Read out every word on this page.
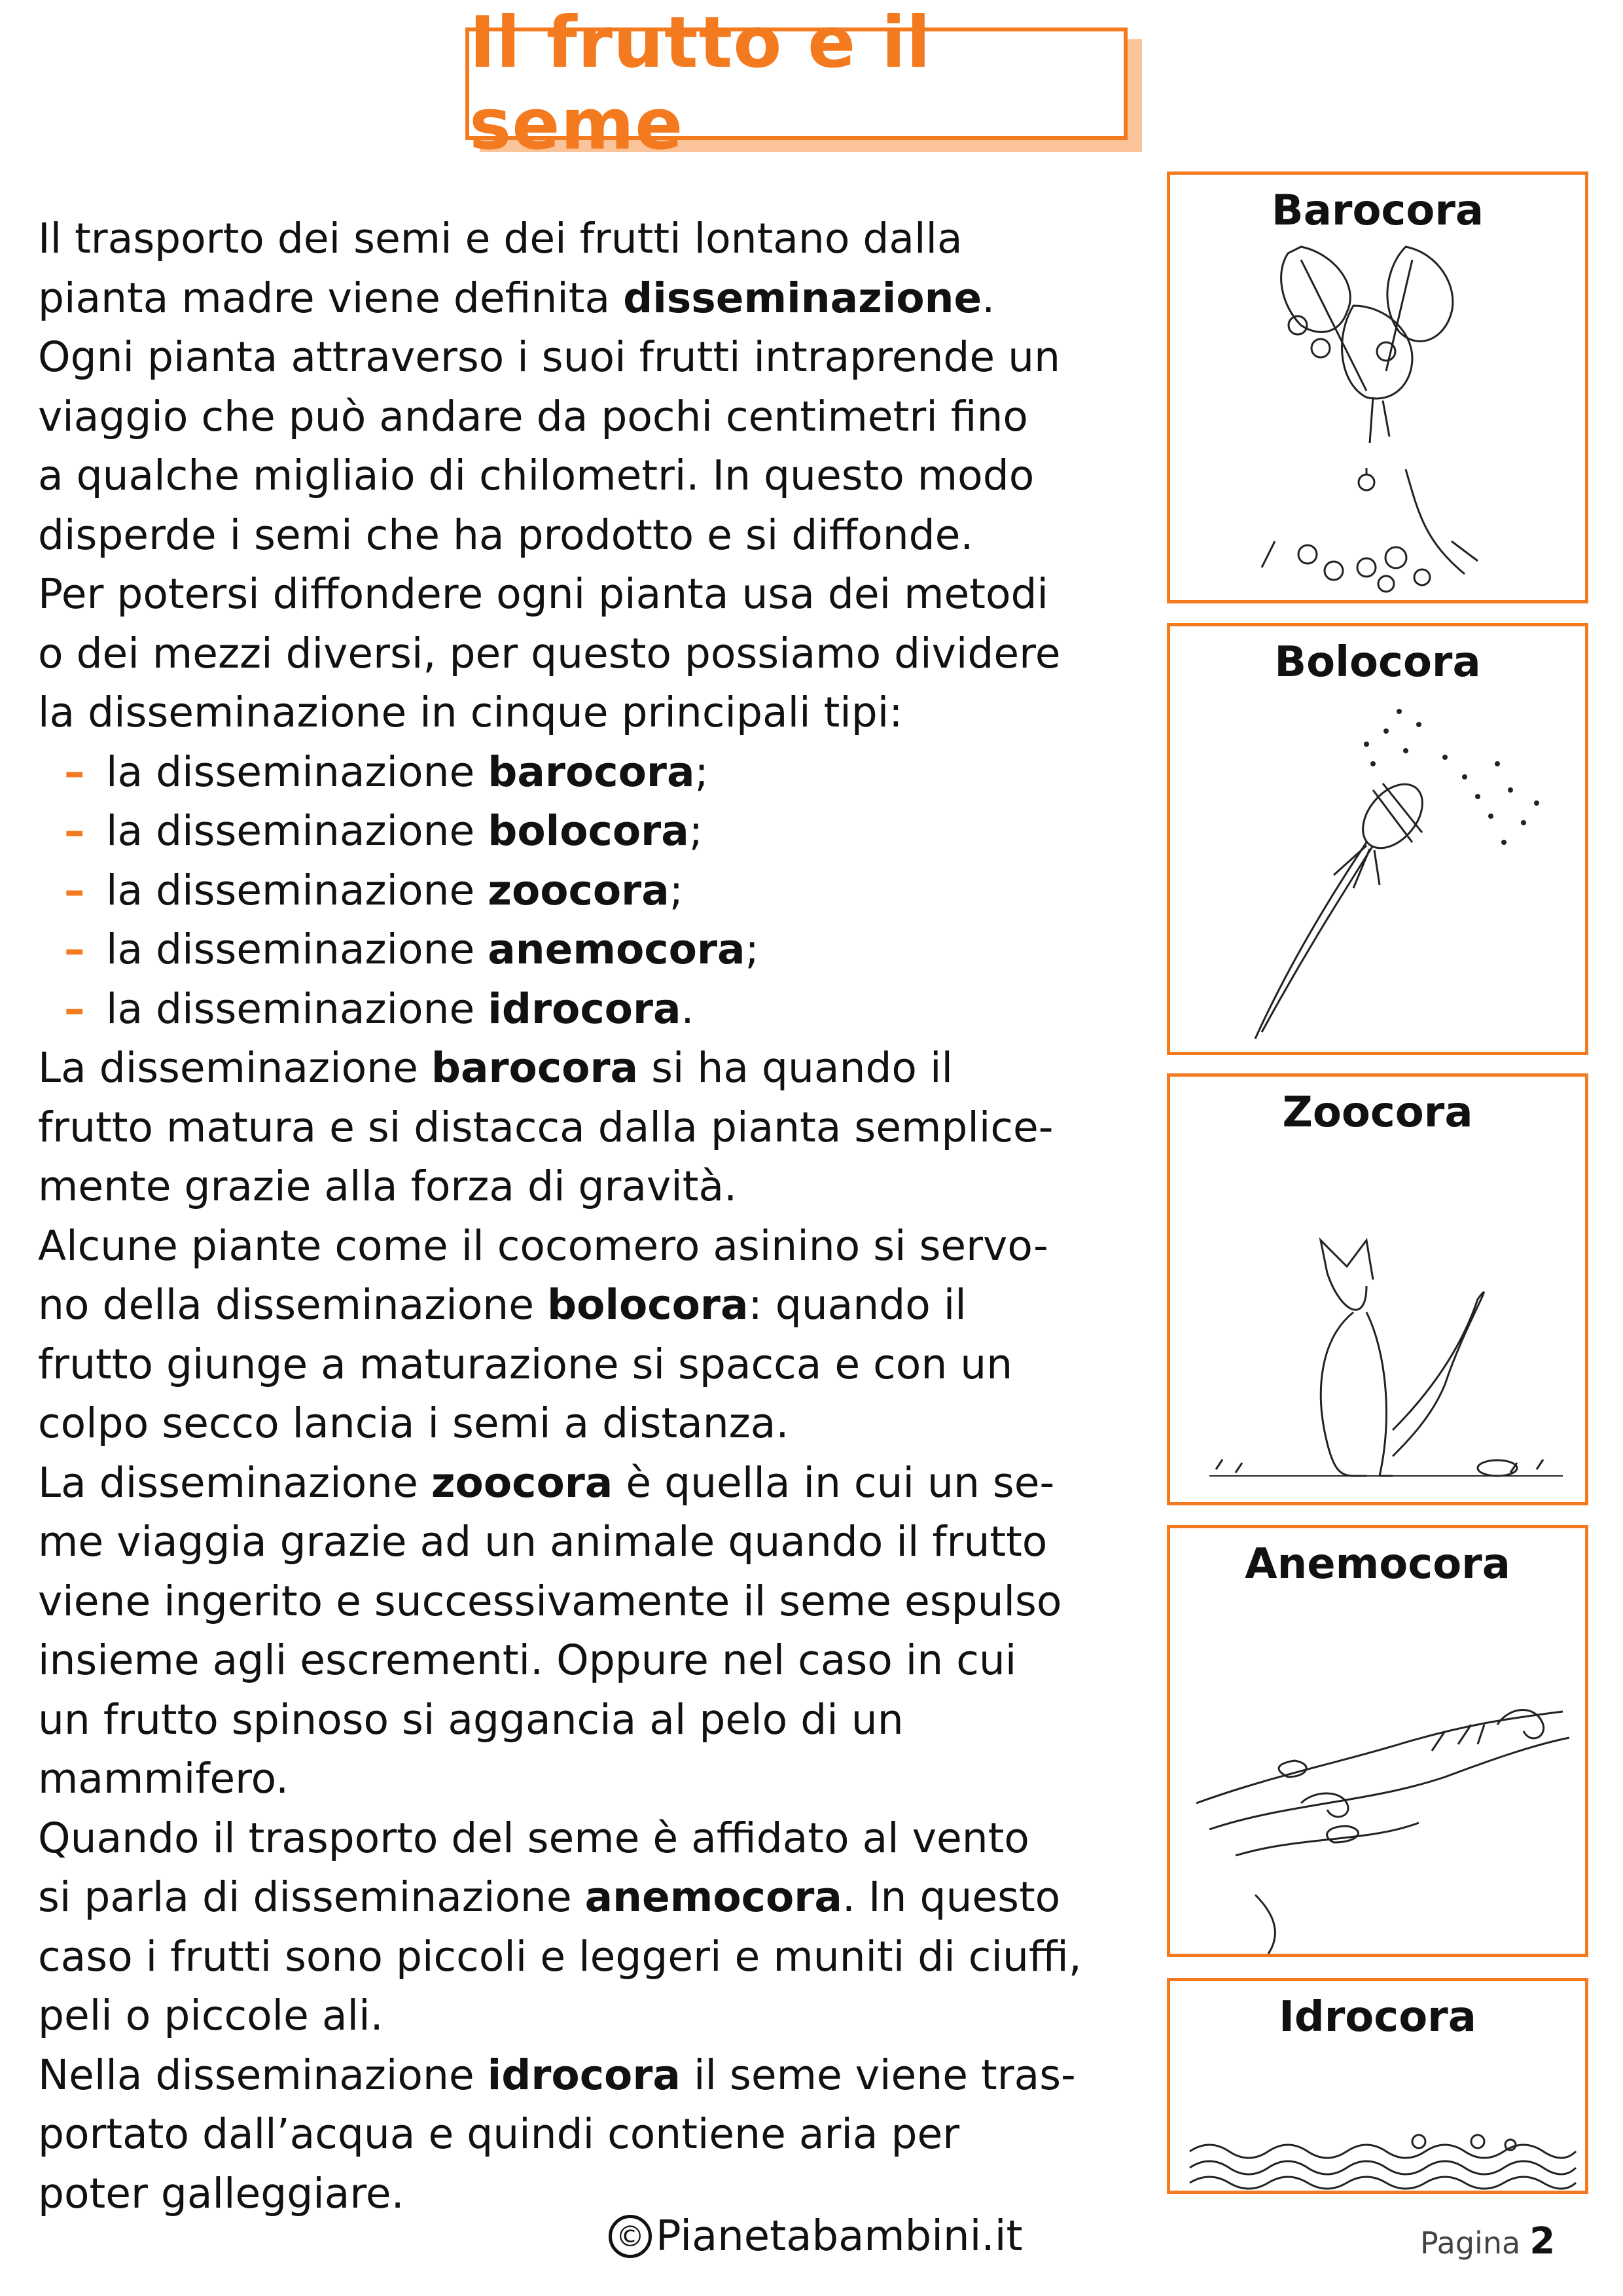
Il frutto e il seme

Il trasporto dei semi e dei frutti lontano dalla

pianta madre viene definita disseminazione.

Ogni pianta attraverso i suoi frutti intraprende un

viaggio che può andare da pochi centimetri fino

a qualche migliaio di chilometri. In questo modo

disperde i semi che ha prodotto e si diffonde.

Per potersi diffondere ogni pianta usa dei metodi

o dei mezzi diversi, per questo possiamo dividere

la disseminazione in cinque principali tipi:

– la disseminazione barocora;

– la disseminazione bolocora;

– la disseminazione zoocora;

– la disseminazione anemocora;

– la disseminazione idrocora.

La disseminazione barocora si ha quando il

frutto matura e si distacca dalla pianta semplice-

mente grazie alla forza di gravità.

Alcune piante come il cocomero asinino si servo-

no della disseminazione bolocora: quando il

frutto giunge a maturazione si spacca e con un

colpo secco lancia i semi a distanza.

La disseminazione zoocora è quella in cui un se-

me viaggia grazie ad un animale quando il frutto

viene ingerito e successivamente il seme espulso

insieme agli escrementi. Oppure nel caso in cui

un frutto spinoso si aggancia al pelo di un

mammifero.

Quando il trasporto del seme è affidato al vento

si parla di disseminazione anemocora. In questo

caso i frutti sono piccoli e leggeri e muniti di ciuffi,

peli o piccole ali.

Nella disseminazione idrocora il seme viene tras-

portato dall’acqua e quindi contiene aria per

poter galleggiare.

Barocora
Bolocora
Zoocora
Anemocora
Idrocora
© Pianetabambini.it	Pagina 2
